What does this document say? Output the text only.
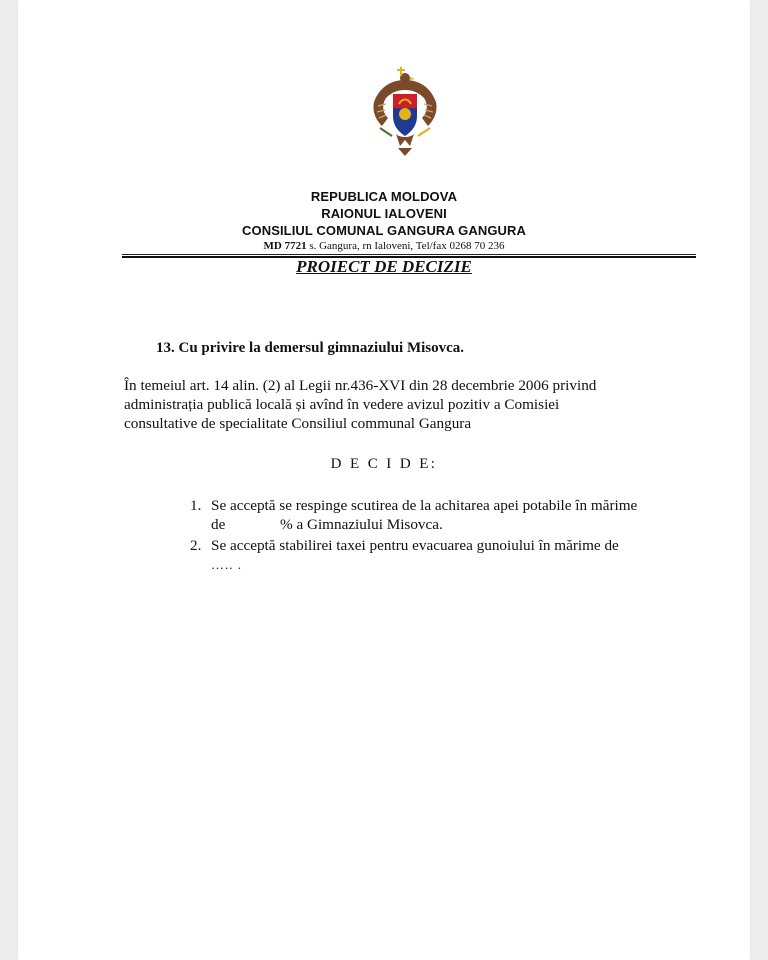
REPUBLICA MOLDOVA
RAIONUL IALOVENI
CONSILIUL COMUNAL GANGURA GANGURA
MD 7721 s. Gangura, rn Ialoveni, Tel/fax 0268 70 236
PROIECT DE DECIZIE
13. Cu privire la demersul gimnaziului Misovca.
În temeiul art. 14 alin. (2) al Legii nr.436-XVI din 28 decembrie 2006 privind
administrația publică locală și avînd în vedere avizul pozitiv a Comisiei
consultative de specialitate Consiliul communal Gangura
D E C I D E:
1. Se acceptă se respinge scutirea de la achitarea apei potabile în mărime
de	% a Gimnaziului Misovca.
2. Se acceptă stabilirei taxei pentru evacuarea gunoiului în mărime de
….. .
